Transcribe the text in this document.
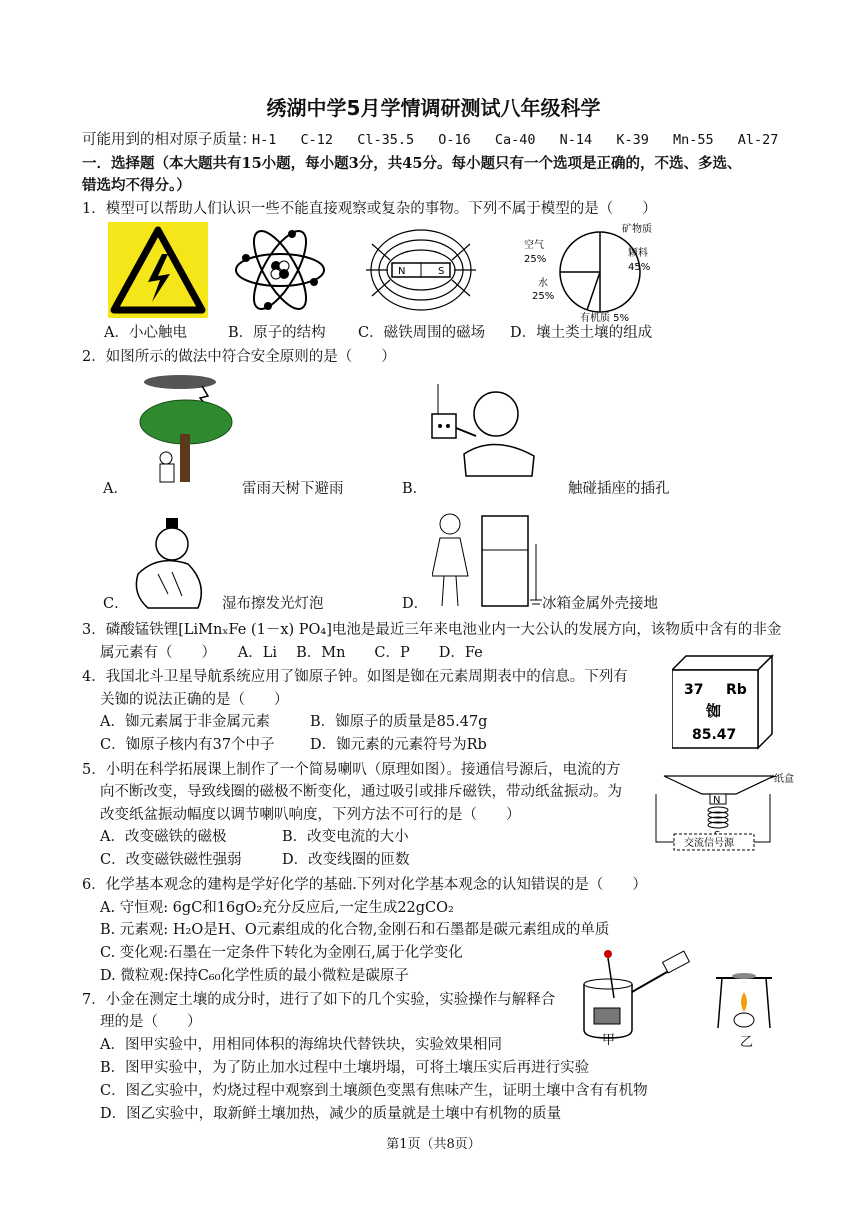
绣湖中学5月学情调研测试八年级科学
可能用到的相对原子质量：
H-1 C-12 Cl-35.5 O-16 Ca-40 N-14 K-39 Mn-55 Al-27
一．选择题（本大题共有15小题，每小题3分，共45分。每小题只有一个选项是正确的，不选、多选、
错选均不得分。）
1．模型可以帮助人们认识一些不能直接观察或复杂的事物。下列不属于模型的是（　　）
N	S
空气
25%
矿物质
颗料
45%
水
25%
有机质 5%
A．小心触电	B．原子的结构 C．磁铁周围的磁场 D．壤土类土壤的组成
2．如图所示的做法中符合安全原则的是（　　）
A．	雷雨天树下避雨	B．	触碰插座的插孔
C．	湿布擦发光灯泡	D．	冰箱金属外壳接地
3．磷酸锰铁锂[LiMnₓFe (1－x) PO₄]电池是最近三年来电池业内一大公认的发展方向，该物质中含有的非金
属元素有（　　）　　A．Li　 B．Mn　　C．P　　D．Fe
4．我国北斗卫星导航系统应用了铷原子钟。如图是铷在元素周期表中的信息。下列有
关铷的说法正确的是（　　）
A．铷元素属于非金属元素	B．铷原子的质量是85.47g
C．铷原子核内有37个中子 D．铷元素的元素符号为Rb
37 Rb
铷
85.47
5．小明在科学拓展课上制作了一个简易喇叭（原理如图）。接通信号源后，电流的方
向不断改变，导致线圈的磁极不断变化，通过吸引或排斥磁铁，带动纸盆振动。为
改变纸盆振动幅度以调节喇叭响度，下列方法不可行的是（　　）
A．改变磁铁的磁极	B．改变电流的大小
C．改变磁铁磁性强弱	D．改变线圈的匝数
纸盒
N
交流信号源
6．化学基本观念的建构是学好化学的基础.下列对化学基本观念的认知错误的是（　　）
A. 守恒观: 6gC和16gO₂充分反应后,一定生成22gCO₂
B. 元素观: H₂O是H、O元素组成的化合物,金刚石和石墨都是碳元素组成的单质
C. 变化观:石墨在一定条件下转化为金刚石,属于化学变化
D. 微粒观:保持C₆₀化学性质的最小微粒是碳原子
7．小金在测定土壤的成分时，进行了如下的几个实验，实验操作与解释合
理的是（　　）
A．图甲实验中，用相同体积的海绵块代替铁块，实验效果相同
B．图甲实验中，为了防止加水过程中土壤坍塌，可将土壤压实后再进行实验
C．图乙实验中，灼烧过程中观察到土壤颜色变黑有焦味产生，证明土壤中含有有机物
D．图乙实验中，取新鲜土壤加热，减少的质量就是土壤中有机物的质量
甲	乙
第1页（共8页）
